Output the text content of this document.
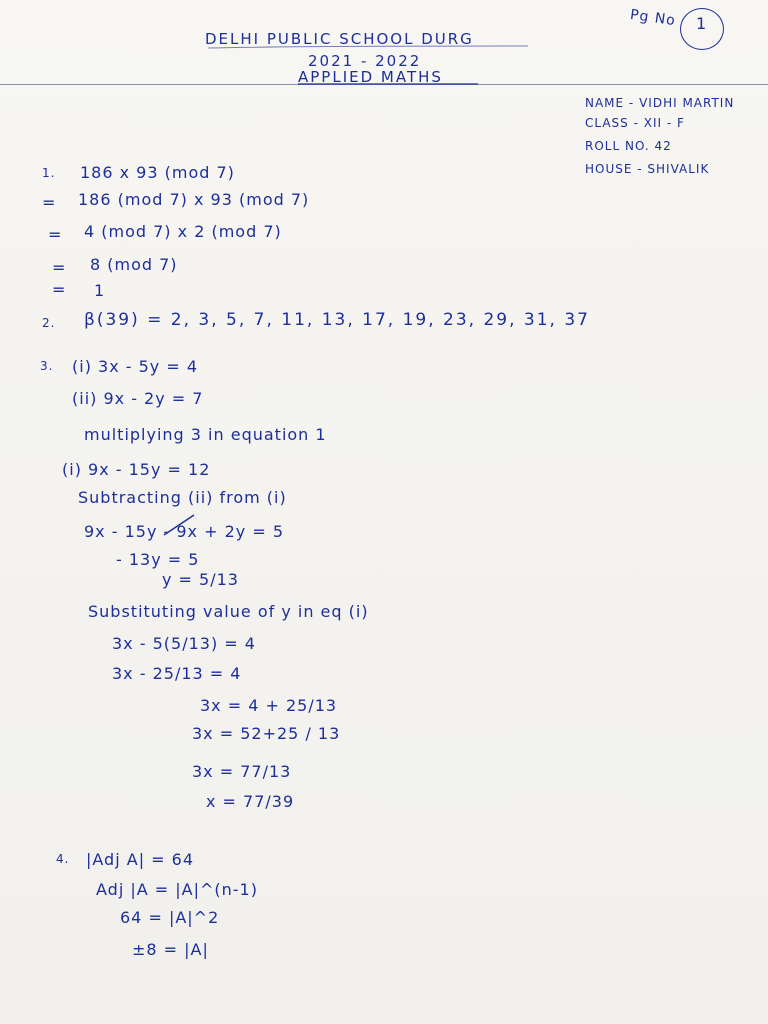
DELHI PUBLIC SCHOOL DURG
2021 - 2022
APPLIED MATHS
Pg No 1
NAME - VIDHI MARTIN
CLASS - XII - F
ROLL NO. 42
HOUSE - SHIVALIK
1. 186 x 93 (mod 7)
= 186 (mod 7) x 93 (mod 7)
= 4 (mod 7) x 2 (mod 7)
= 8 (mod 7)
= 1
2. β(39) = 2, 3, 5, 7, 11, 13, 17, 19, 23, 29, 31, 37
3. (i) 3x - 5y = 4
(ii) 9x - 2y = 7
multiplying 3 in equation 1
(i) 9x - 15y = 12
Subtracting (ii) from (i)
9x - 15y - 9x + 2y = 5
- 13y = 5
y = 5/13
Substituting value of y in eq (i)
3x - 5(5/13) = 4
3x - 25/13 = 4
3x = 4 + 25/13
3x = 52+25 / 13
3x = 77/13
x = 77/39
4. |Adj A| = 64
Adj |A = |A|^(n-1)
64 = |A|^2
±8 = |A|
